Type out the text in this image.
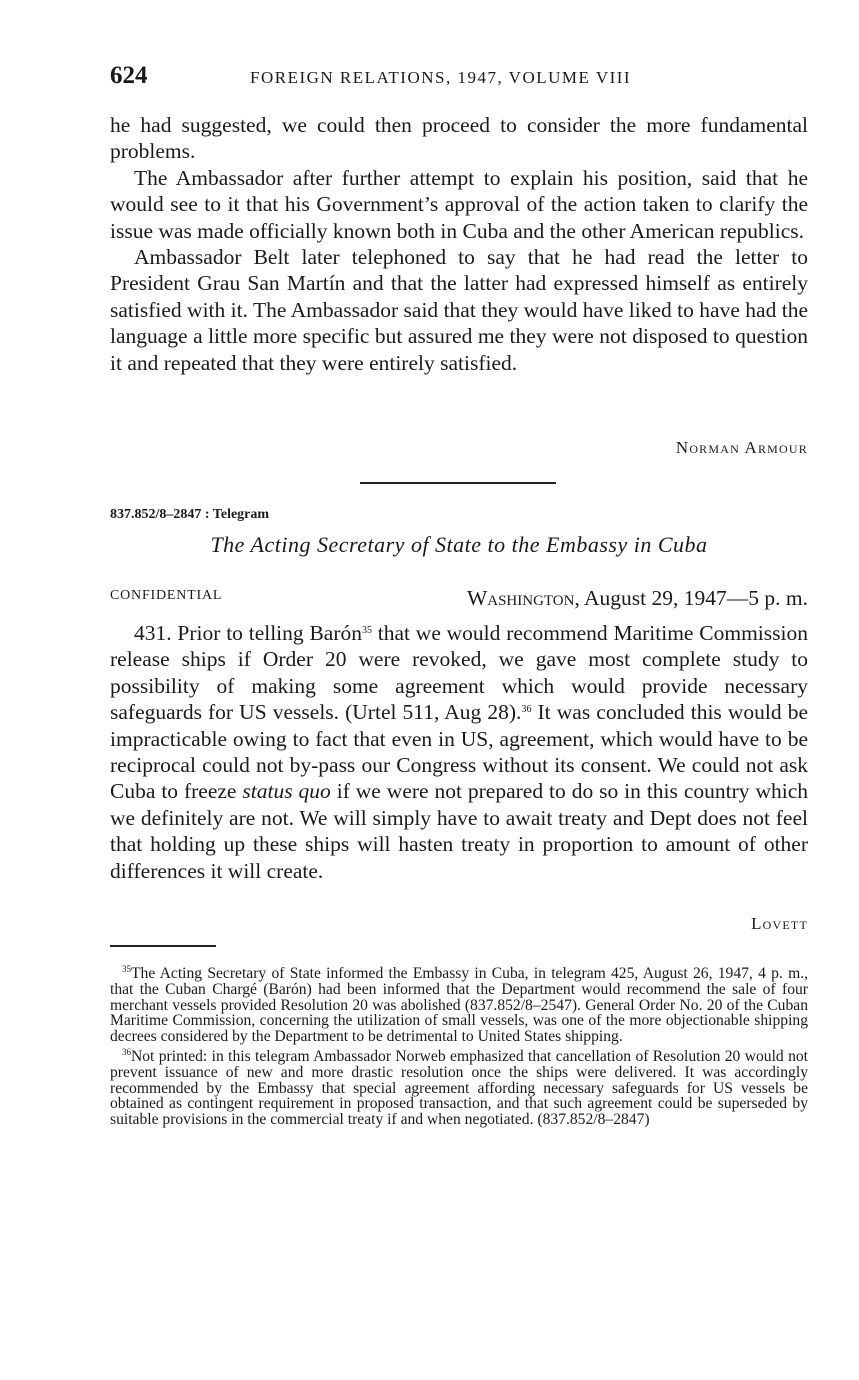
624	FOREIGN RELATIONS, 1947, VOLUME VIII

he had suggested, we could then proceed to consider the more fundamental problems.

The Ambassador after further attempt to explain his position, said that he would see to it that his Government’s approval of the action taken to clarify the issue was made officially known both in Cuba and the other American republics.

Ambassador Belt later telephoned to say that he had read the letter to President Grau San Martín and that the latter had expressed himself as entirely satisfied with it. The Ambassador said that they would have liked to have had the language a little more specific but assured me they were not disposed to question it and repeated that they were entirely satisfied.

Norman Armour
837.852/8–2847 : Telegram
The Acting Secretary of State to the Embassy in Cuba
CONFIDENTIAL	Washington, August 29, 1947—5 p. m.

431. Prior to telling Barón$^{35}$ that we would recommend Maritime Commission release ships if Order 20 were revoked, we gave most complete study to possibility of making some agreement which would provide necessary safeguards for US vessels. (Urtel 511, Aug 28).$^{36}$ It was concluded this would be impracticable owing to fact that even in US, agreement, which would have to be reciprocal could not by-pass our Congress without its consent. We could not ask Cuba to freeze status quo if we were not prepared to do so in this country which we definitely are not. We will simply have to await treaty and Dept does not feel that holding up these ships will hasten treaty in proportion to amount of other differences it will create.

Lovett

$^{35}$The Acting Secretary of State informed the Embassy in Cuba, in telegram 425, August 26, 1947, 4 p. m., that the Cuban Chargé (Barón) had been informed that the Department would recommend the sale of four merchant vessels provided Resolution 20 was abolished (837.852/8–2547). General Order No. 20 of the Cuban Maritime Commission, concerning the utilization of small vessels, was one of the more objectionable shipping decrees considered by the Department to be detrimental to United States shipping.

$^{36}$Not printed: in this telegram Ambassador Norweb emphasized that cancellation of Resolution 20 would not prevent issuance of new and more drastic resolution once the ships were delivered. It was accordingly recommended by the Embassy that special agreement affording necessary safeguards for US vessels be obtained as contingent requirement in proposed transaction, and that such agreement could be superseded by suitable provisions in the commercial treaty if and when negotiated. (837.852/8–2847)
